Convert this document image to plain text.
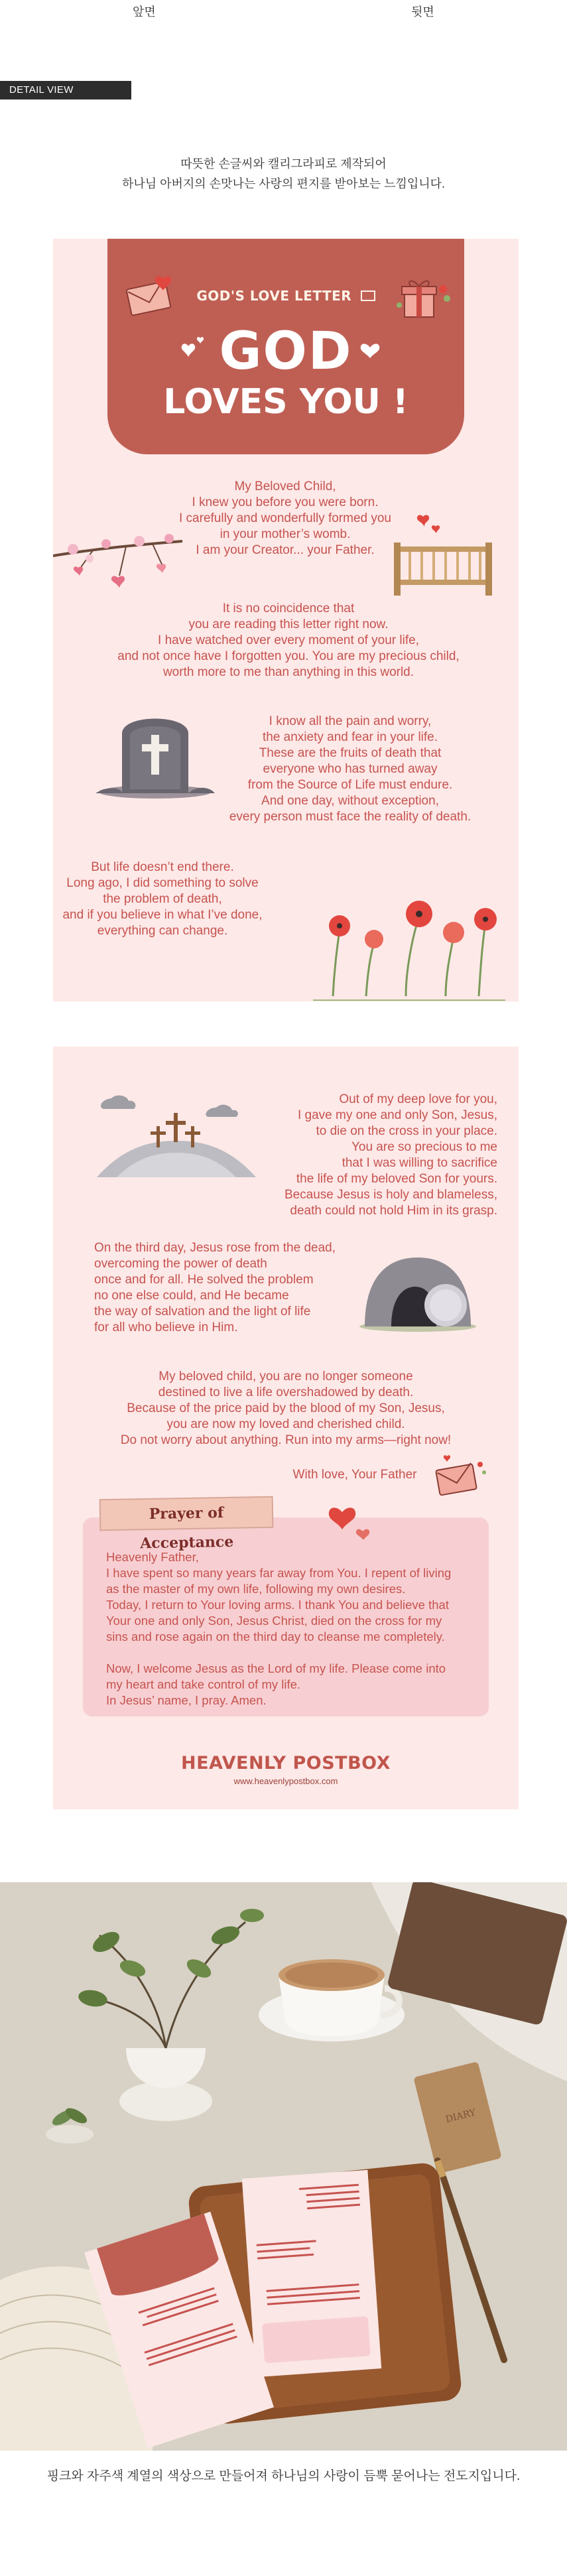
앞면	뒷면
DETAIL VIEW
따뜻한 손글씨와 캘리그라피로 제작되어
하나님 아버지의 손맛나는 사랑의 편지를 받아보는 느낌입니다.
GOD'S LOVE LETTER
GOD
LOVES YOU !
My Beloved Child,
I knew you before you were born.
I carefully and wonderfully formed you
in your mother’s womb.
I am your Creator... your Father.
It is no coincidence that
you are reading this letter right now.
I have watched over every moment of your life,
and not once have I forgotten you. You are my precious child,
worth more to me than anything in this world.
I know all the pain and worry,
the anxiety and fear in your life.
These are the fruits of death that
everyone who has turned away
from the Source of Life must endure.
And one day, without exception,
every person must face the reality of death.
But life doesn’t end there.
Long ago, I did something to solve
the problem of death,
and if you believe in what I’ve done,
everything can change.
Out of my deep love for you,
I gave my one and only Son, Jesus,
to die on the cross in your place.
You are so precious to me
that I was willing to sacrifice
the life of my beloved Son for yours.
Because Jesus is holy and blameless,
death could not hold Him in its grasp.
On the third day, Jesus rose from the dead,
overcoming the power of death
once and for all. He solved the problem
no one else could, and He became
the way of salvation and the light of life
for all who believe in Him.
My beloved child, you are no longer someone
destined to live a life overshadowed by death.
Because of the price paid by the blood of my Son, Jesus,
you are now my loved and cherished child.
Do not worry about anything. Run into my arms—right now!
With love, Your Father
Prayer of Acceptance
Heavenly Father,
I have spent so many years far away from You. I repent of living
as the master of my own life, following my own desires.
Today, I return to Your loving arms. I thank You and believe that
Your one and only Son, Jesus Christ, died on the cross for my
sins and rose again on the third day to cleanse me completely.
Now, I welcome Jesus as the Lord of my life. Please come into
my heart and take control of my life.
In Jesus’ name, I pray. Amen.
HEAVENLY POSTBOX
www.heavenlypostbox.com
DIARY
핑크와 자주색 계열의 색상으로 만들어져 하나님의 사랑이 듬뿍 묻어나는 전도지입니다.
